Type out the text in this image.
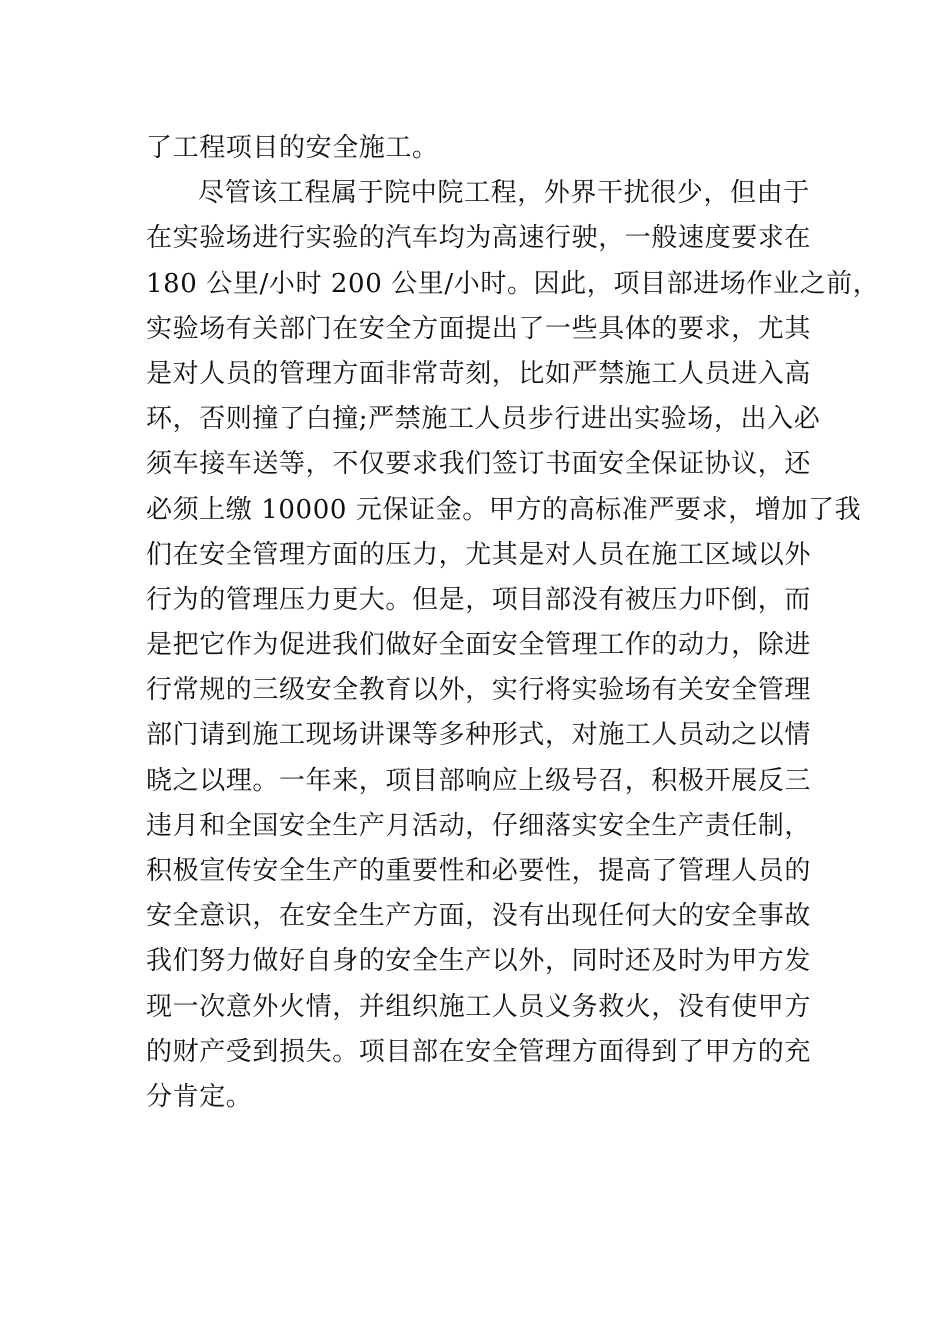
了工程项目的安全施工。
尽管该工程属于院中院工程，外界干扰很少，但由于
在实验场进行实验的汽车均为高速行驶，一般速度要求在
180 公里/小时 200 公里/小时。因此，项目部进场作业之前，
实验场有关部门在安全方面提出了一些具体的要求，尤其
是对人员的管理方面非常苛刻，比如严禁施工人员进入高
环，否则撞了白撞;严禁施工人员步行进出实验场，出入必
须车接车送等，不仅要求我们签订书面安全保证协议，还
必须上缴 10000 元保证金。甲方的高标准严要求，增加了我
们在安全管理方面的压力，尤其是对人员在施工区域以外
行为的管理压力更大。但是，项目部没有被压力吓倒，而
是把它作为促进我们做好全面安全管理工作的动力，除进
行常规的三级安全教育以外，实行将实验场有关安全管理
部门请到施工现场讲课等多种形式，对施工人员动之以情
晓之以理。一年来，项目部响应上级号召，积极开展反三
违月和全国安全生产月活动，仔细落实安全生产责任制，
积极宣传安全生产的重要性和必要性，提高了管理人员的
安全意识，在安全生产方面，没有出现任何大的安全事故
我们努力做好自身的安全生产以外，同时还及时为甲方发
现一次意外火情，并组织施工人员义务救火，没有使甲方
的财产受到损失。项目部在安全管理方面得到了甲方的充
分肯定。
